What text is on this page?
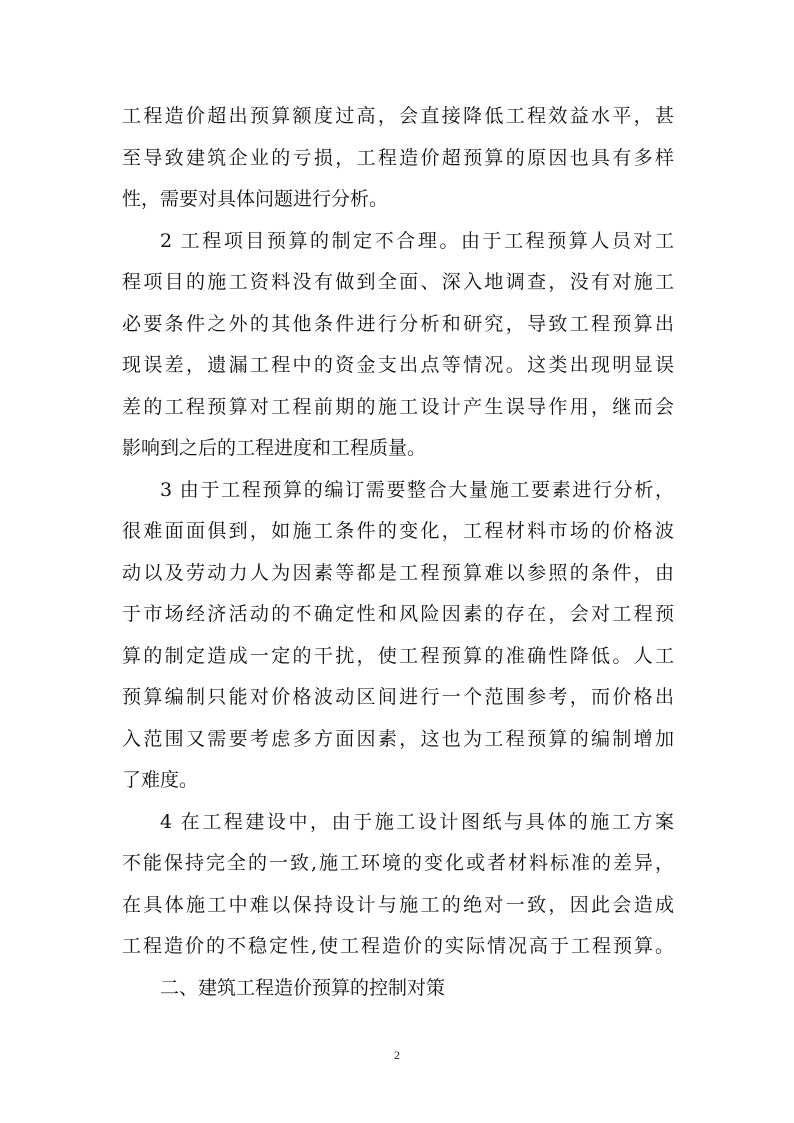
工程造价超出预算额度过高，会直接降低工程效益水平，甚
至导致建筑企业的亏损，工程造价超预算的原因也具有多样
性，需要对具体问题进行分析。
2 工程项目预算的制定不合理。由于工程预算人员对工
程项目的施工资料没有做到全面、深入地调查，没有对施工
必要条件之外的其他条件进行分析和研究，导致工程预算出
现误差，遗漏工程中的资金支出点等情况。这类出现明显误
差的工程预算对工程前期的施工设计产生误导作用，继而会
影响到之后的工程进度和工程质量。
3 由于工程预算的编订需要整合大量施工要素进行分析，
很难面面俱到，如施工条件的变化，工程材料市场的价格波
动以及劳动力人为因素等都是工程预算难以参照的条件，由
于市场经济活动的不确定性和风险因素的存在，会对工程预
算的制定造成一定的干扰，使工程预算的准确性降低。人工
预算编制只能对价格波动区间进行一个范围参考，而价格出
入范围又需要考虑多方面因素，这也为工程预算的编制增加
了难度。
4 在工程建设中，由于施工设计图纸与具体的施工方案
不能保持完全的一致,施工环境的变化或者材料标准的差异，
在具体施工中难以保持设计与施工的绝对一致，因此会造成
工程造价的不稳定性,使工程造价的实际情况高于工程预算。
二、建筑工程造价预算的控制对策
2
